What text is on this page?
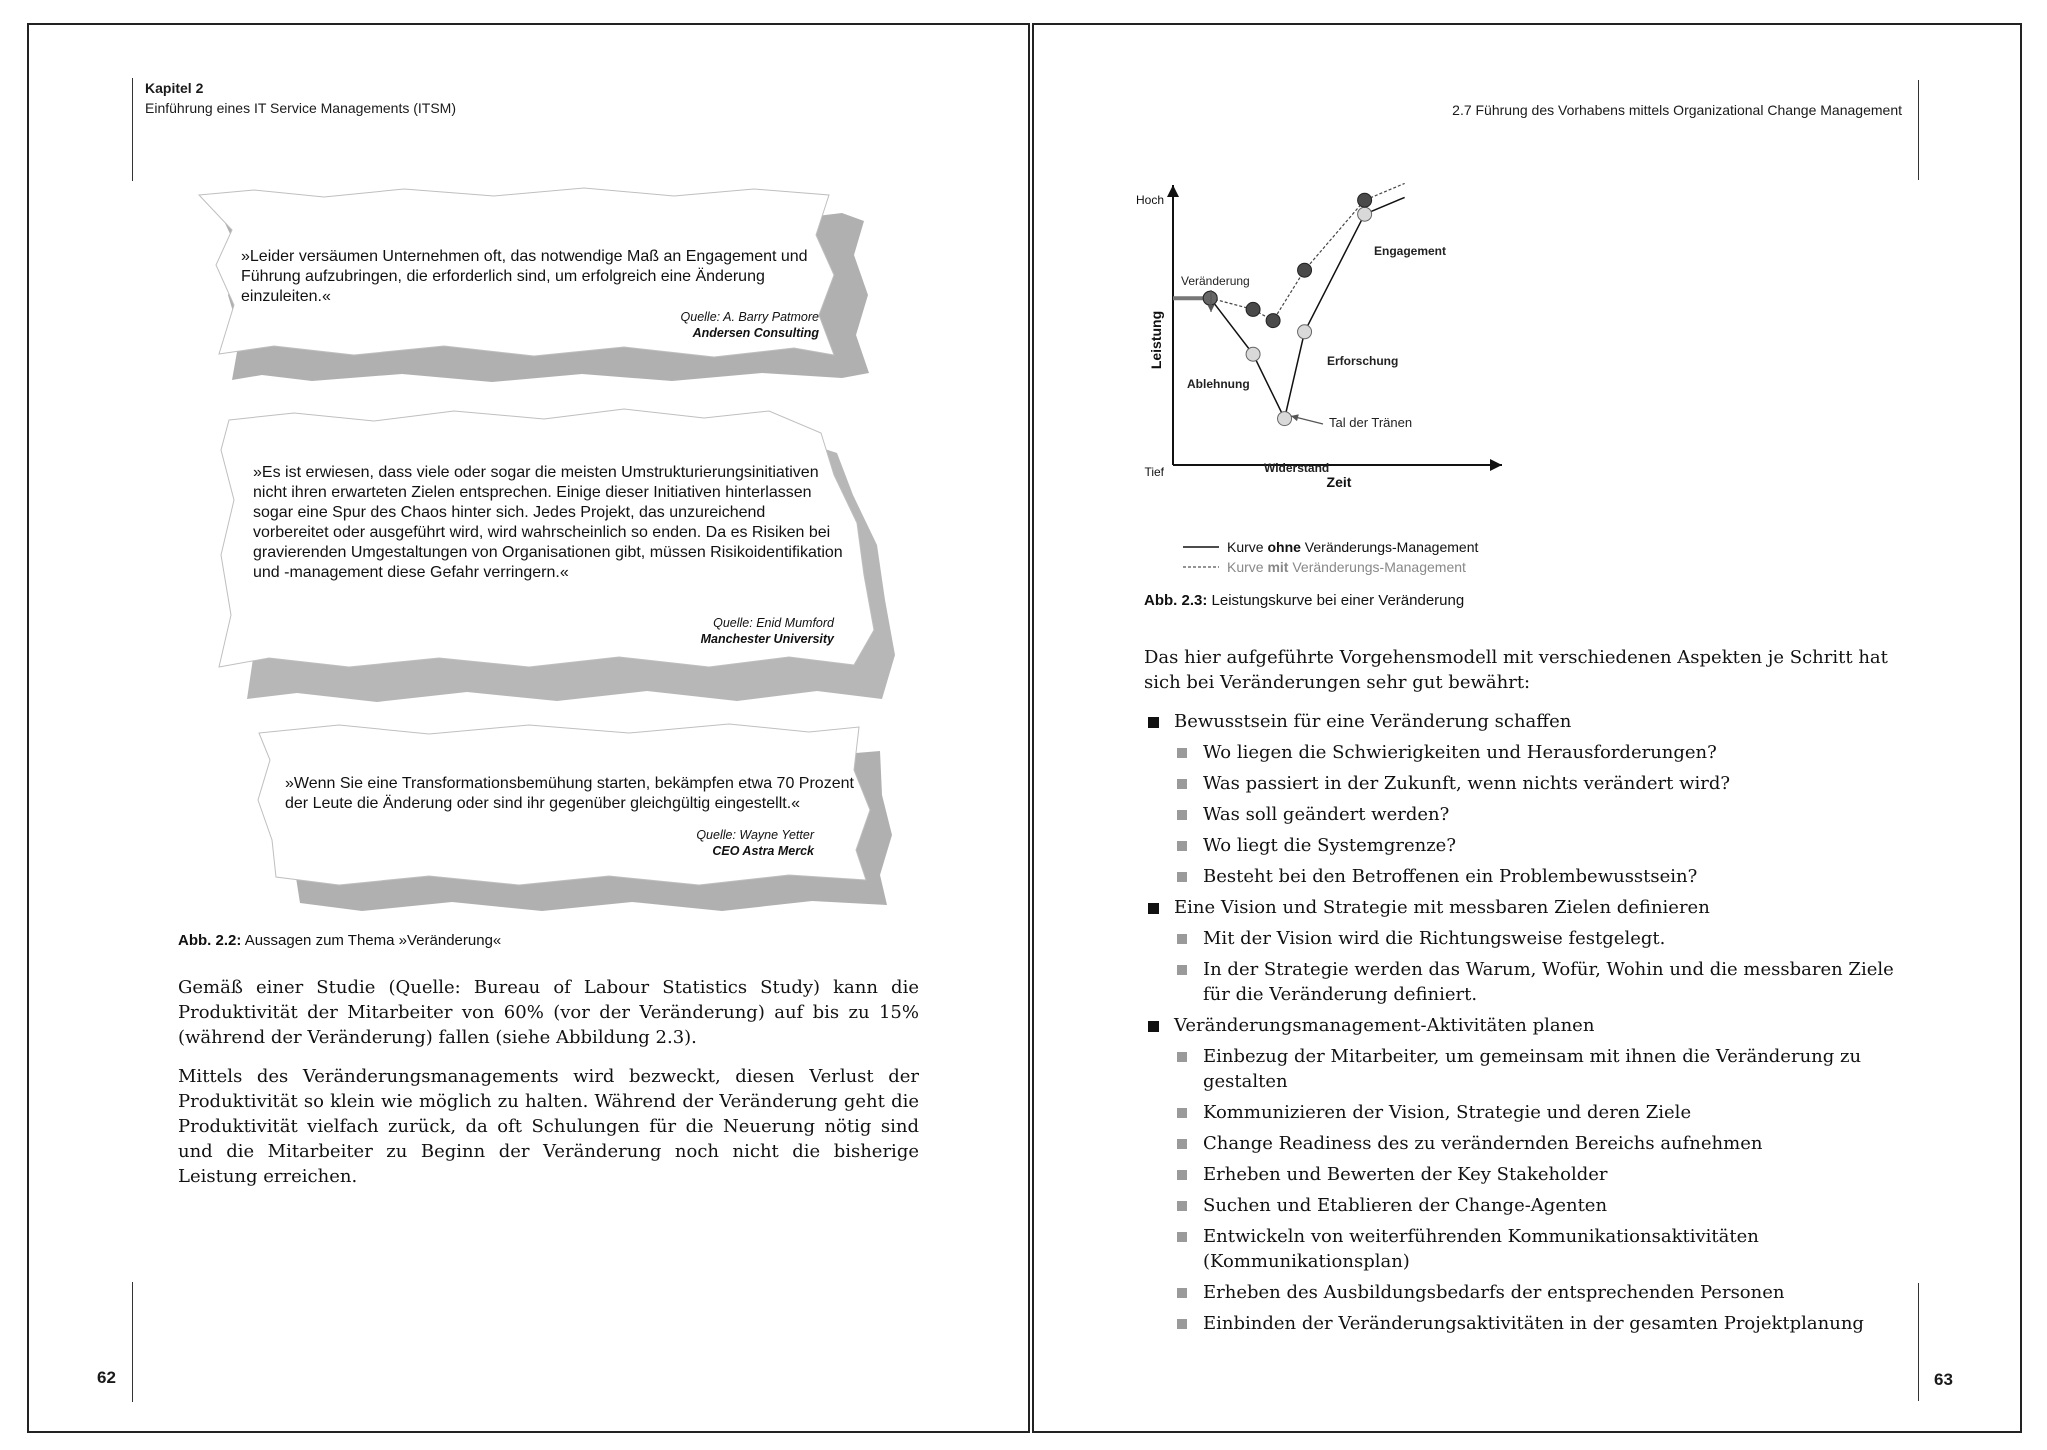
Kapitel 2
Einführung eines IT Service Managements (ITSM)
»Leider versäumen Unternehmen oft, das notwendige Maß an Engagement und Führung aufzubringen, die erforderlich sind, um erfolgreich eine Änderung einzuleiten.«
Quelle: A. Barry Patmore
Andersen Consulting
»Es ist erwiesen, dass viele oder sogar die meisten Umstrukturierungsinitiativen nicht ihren erwarteten Zielen entsprechen. Einige dieser Initiativen hinterlassen sogar eine Spur des Chaos hinter sich. Jedes Projekt, das unzureichend vorbereitet oder ausgeführt wird, wird wahrscheinlich so enden. Da es Risiken bei gravierenden Umgestaltungen von Organisationen gibt, müssen Risikoidentifikation und -management diese Gefahr verringern.«
Quelle: Enid Mumford
Manchester University
»Wenn Sie eine Transformationsbemühung starten, bekämpfen etwa 70 Prozent der Leute die Änderung oder sind ihr gegenüber gleichgültig eingestellt.«
Quelle: Wayne Yetter
CEO Astra Merck
Abb. 2.2: Aussagen zum Thema »Veränderung«

Gemäß einer Studie (Quelle: Bureau of Labour Statistics Study) kann die Produktivität der Mitarbeiter von 60% (vor der Veränderung) auf bis zu 15% (während der Veränderung) fallen (siehe Abbildung 2.3).

Mittels des Veränderungsmanagements wird bezweckt, diesen Verlust der Produktivität so klein wie möglich zu halten. Während der Veränderung geht die Produktivität vielfach zurück, da oft Schulungen für die Neuerung nötig sind und die Mitarbeiter zu Beginn der Veränderung noch nicht die bisherige Leistung erreichen.

62
2.7 Führung des Vorhabens mittels Organizational Change Management
Hoch
Tief
Leistung
Zeit
Veränderung
Ablehnung
Widerstand
Erforschung
Engagement
Tal der Tränen
Kurve ohne Veränderungs-Management
Kurve mit Veränderungs-Management
Abb. 2.3: Leistungskurve bei einer Veränderung
Das hier aufgeführte Vorgehensmodell mit verschiedenen Aspekten je Schritt hat sich bei Veränderungen sehr gut bewährt:
Bewusstsein für eine Veränderung schaffen
Wo liegen die Schwierigkeiten und Herausforderungen?
Was passiert in der Zukunft, wenn nichts verändert wird?
Was soll geändert werden?
Wo liegt die Systemgrenze?
Besteht bei den Betroffenen ein Problembewusstsein?
Eine Vision und Strategie mit messbaren Zielen definieren
Mit der Vision wird die Richtungsweise festgelegt.
In der Strategie werden das Warum, Wofür, Wohin und die messbaren Ziele für die Veränderung definiert.
Veränderungsmanagement-Aktivitäten planen
Einbezug der Mitarbeiter, um gemeinsam mit ihnen die Veränderung zu gestalten
Kommunizieren der Vision, Strategie und deren Ziele
Change Readiness des zu verändernden Bereichs aufnehmen
Erheben und Bewerten der Key Stakeholder
Suchen und Etablieren der Change-Agenten
Entwickeln von weiterführenden Kommunikationsaktivitäten (Kommunikationsplan)
Erheben des Ausbildungsbedarfs der entsprechenden Personen
Einbinden der Veränderungsaktivitäten in der gesamten Projektplanung
63
